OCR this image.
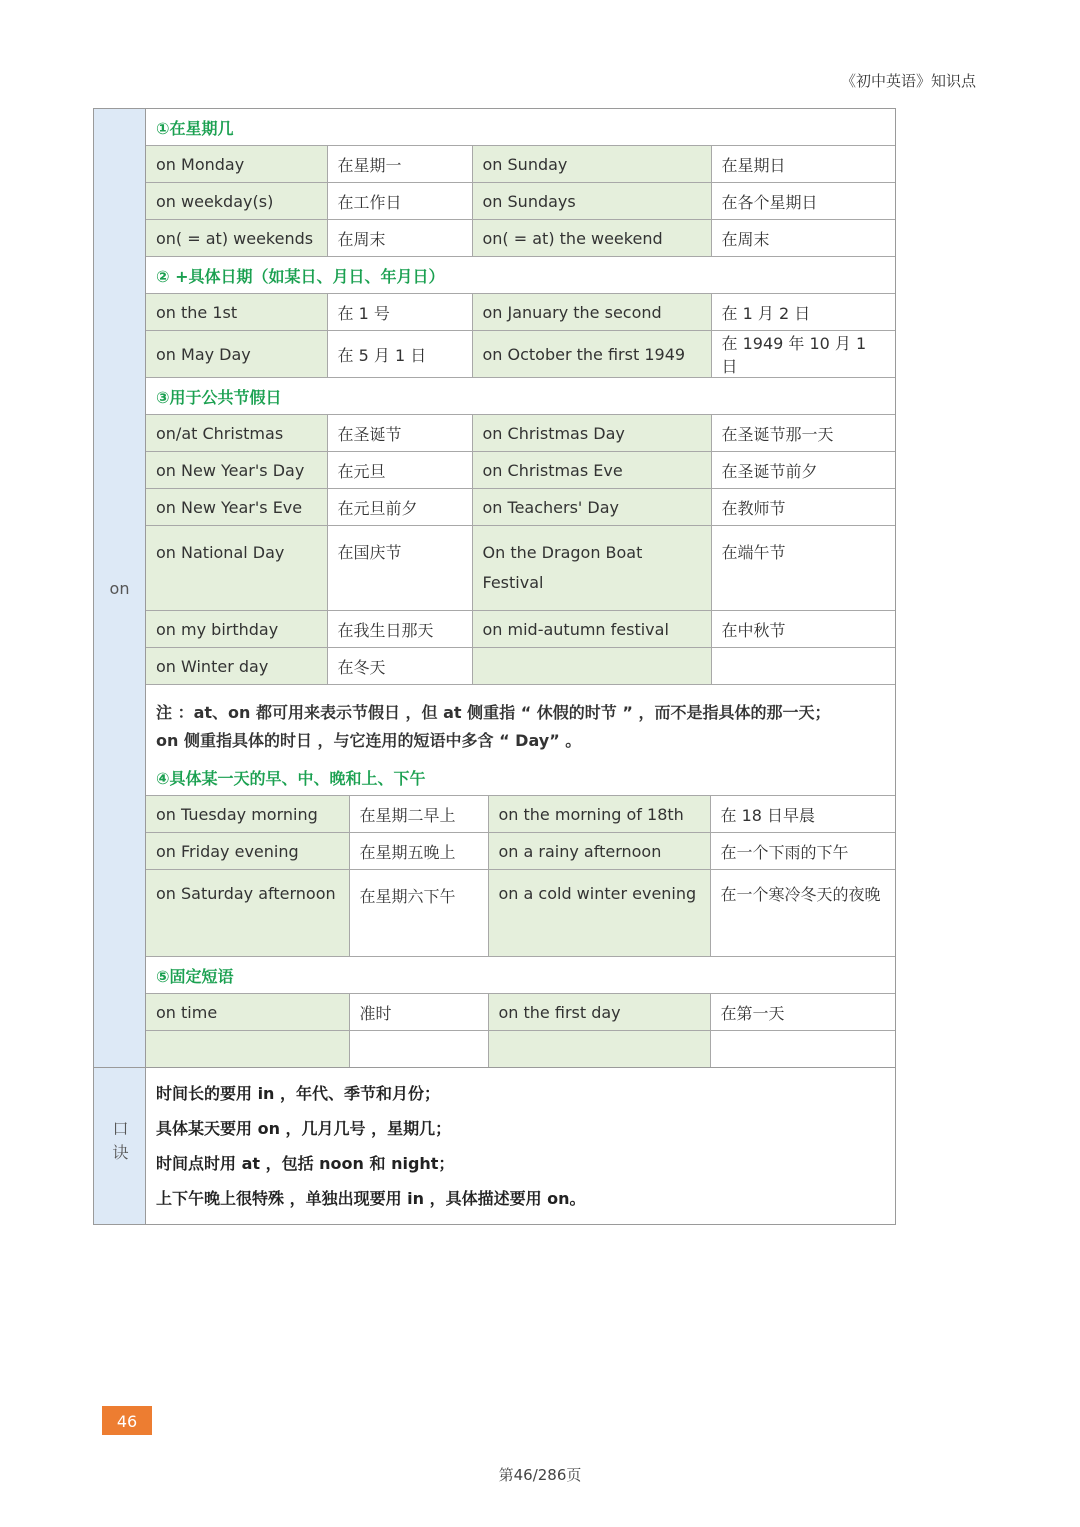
《初中英语》知识点
on	
①在星期几
on Monday	在星期一	on Sunday	在星期日
on weekday(s)	在工作日	on Sundays	在各个星期日
on( = at) weekends	在周末	on( = at) the weekend	在周末
② +具体日期（如某日、月日、年月日）
on the 1st	在 1 号	on January the second	在 1 月 2 日
on May Day	在 5 月 1 日	on October the first 1949	在 1949 年 10 月 1 日
③用于公共节假日
on/at Christmas	在圣诞节	on Christmas Day	在圣诞节那一天
on New Year's Day	在元旦	on Christmas Eve	在圣诞节前夕
on New Year's Eve	在元旦前夕	on Teachers' Day	在教师节
on National Day	在国庆节	On the Dragon Boat Festival	在端午节
on my birthday	在我生日那天	on mid-autumn festival	在中秋节
on Winter day	在冬天		

注 ：at、on 都可用来表示节假日 ，但 at 侧重指 “ 休假的时节 ” ，而不是指具体的那一天；
on 侧重指具体的时日 ，与它连用的短语中多含 “ Day” 。
④具体某一天的早、中、晚和上、下午
on Tuesday morning	在星期二早上	on the morning of 18th	在 18 日早晨
on Friday evening	在星期五晚上	on a rainy afternoon	在一个下雨的下午
on Saturday afternoon	在星期六下午	on a cold winter evening	在一个寒冷冬天的夜晚
⑤固定短语
on time	准时	on the first day	在第一天

口诀	
时间长的要用 in ，年代、季节和月份；
具体某天要用 on ，几月几号 ，星期几；
时间点时用 at ，包括 noon 和 night；
上下午晚上很特殊 ，单独出现要用 in ，具体描述要用 on。
46
第46/286页
